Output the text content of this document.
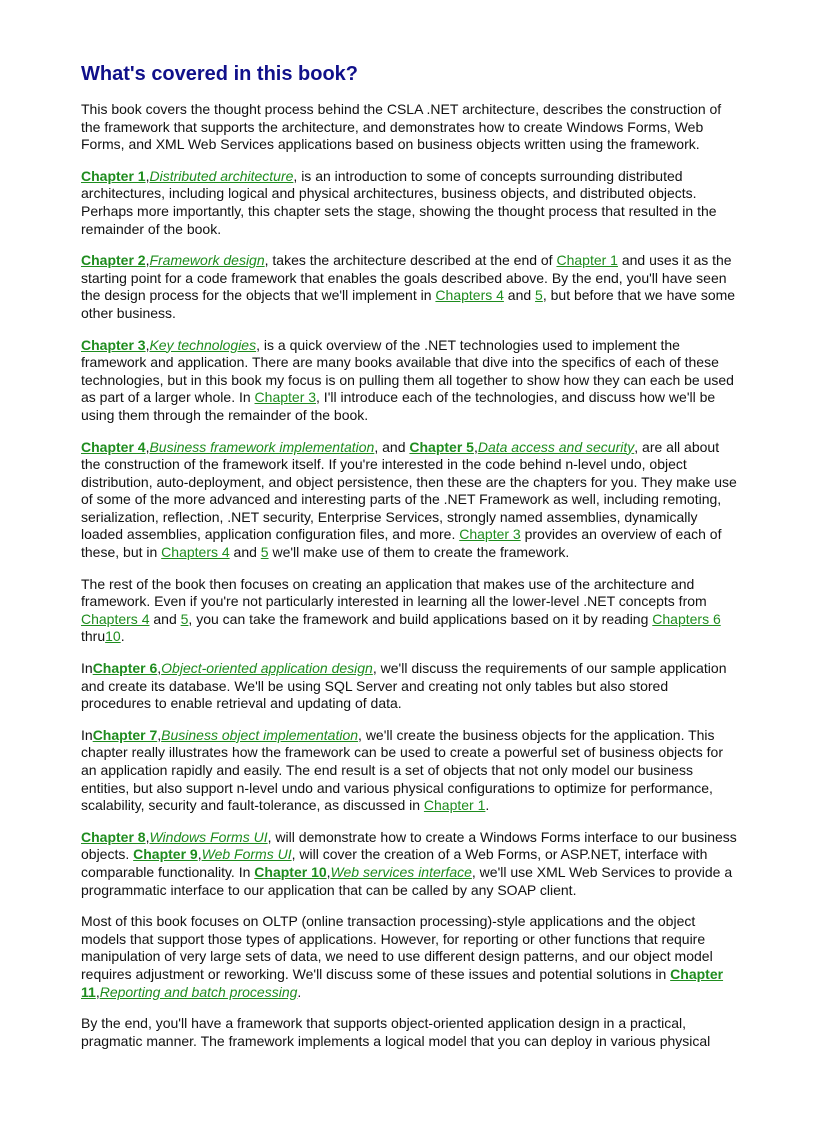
What's covered in this book?

This book covers the thought process behind the CSLA .NET architecture, describes the construction of the framework that supports the architecture, and demonstrates how to create Windows Forms, Web Forms, and XML Web Services applications based on business objects written using the framework.

Chapter 1,Distributed architecture, is an introduction to some of concepts surrounding distributed architectures, including logical and physical architectures, business objects, and distributed objects. Perhaps more importantly, this chapter sets the stage, showing the thought process that resulted in the remainder of the book.

Chapter 2,Framework design, takes the architecture described at the end of Chapter 1 and uses it as the starting point for a code framework that enables the goals described above. By the end, you'll have seen the design process for the objects that we'll implement in Chapters 4 and 5, but before that we have some other business.

Chapter 3,Key technologies, is a quick overview of the .NET technologies used to implement the framework and application. There are many books available that dive into the specifics of each of these technologies, but in this book my focus is on pulling them all together to show how they can each be used as part of a larger whole. In Chapter 3, I'll introduce each of the technologies, and discuss how we'll be using them through the remainder of the book.

Chapter 4,Business framework implementation, and Chapter 5,Data access and security, are all about the construction of the framework itself. If you're interested in the code behind n-level undo, object distribution, auto-deployment, and object persistence, then these are the chapters for you. They make use of some of the more advanced and interesting parts of the .NET Framework as well, including remoting, serialization, reflection, .NET security, Enterprise Services, strongly named assemblies, dynamically loaded assemblies, application configuration files, and more. Chapter 3 provides an overview of each of these, but in Chapters 4 and 5 we'll make use of them to create the framework.

The rest of the book then focuses on creating an application that makes use of the architecture and framework. Even if you're not particularly interested in learning all the lower-level .NET concepts from Chapters 4 and 5, you can take the framework and build applications based on it by reading Chapters 6 thru10.

InChapter 6,Object-oriented application design, we'll discuss the requirements of our sample application and create its database. We'll be using SQL Server and creating not only tables but also stored procedures to enable retrieval and updating of data.

InChapter 7,Business object implementation, we'll create the business objects for the application. This chapter really illustrates how the framework can be used to create a powerful set of business objects for an application rapidly and easily. The end result is a set of objects that not only model our business entities, but also support n-level undo and various physical configurations to optimize for performance, scalability, security and fault-tolerance, as discussed in Chapter 1.

Chapter 8,Windows Forms UI, will demonstrate how to create a Windows Forms interface to our business objects. Chapter 9,Web Forms UI, will cover the creation of a Web Forms, or ASP.NET, interface with comparable functionality. In Chapter 10,Web services interface, we'll use XML Web Services to provide a programmatic interface to our application that can be called by any SOAP client.

Most of this book focuses on OLTP (online transaction processing)-style applications and the object models that support those types of applications. However, for reporting or other functions that require manipulation of very large sets of data, we need to use different design patterns, and our object model requires adjustment or reworking. We'll discuss some of these issues and potential solutions in Chapter 11,Reporting and batch processing.

By the end, you'll have a framework that supports object-oriented application design in a practical, pragmatic manner. The framework implements a logical model that you can deploy in various physical
